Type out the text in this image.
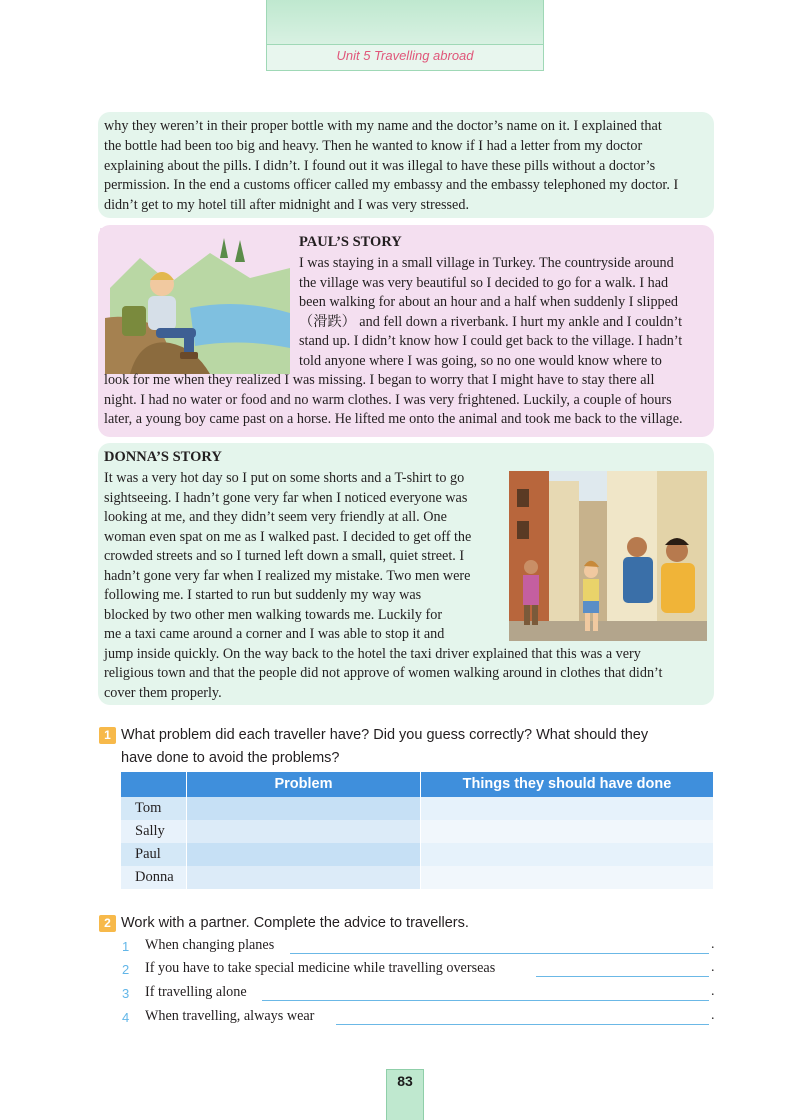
Unit 5 Travelling abroad

why they weren’t in their proper bottle with my name and the doctor’s name on it. I explained that

the bottle had been too big and heavy. Then he wanted to know if I had a letter from my doctor

explaining about the pills. I didn’t. I found out it was illegal to have these pills without a doctor’s

permission. In the end a customs officer called my embassy and the embassy telephoned my doctor. I

didn’t get to my hotel till after midnight and I was very stressed.

PAUL’S STORY

I was staying in a small village in Turkey. The countryside around

the village was very beautiful so I decided to go for a walk. I had

been walking for about an hour and a half when suddenly I slipped

（滑跌） and fell down a riverbank. I hurt my ankle and I couldn’t

stand up. I didn’t know how I could get back to the village. I hadn’t

told anyone where I was going, so no one would know where to

look for me when they realized I was missing. I began to worry that I might have to stay there all

night. I had no water or food and no warm clothes. I was very frightened. Luckily, a couple of hours

later, a young boy came past on a horse. He lifted me onto the animal and took me back to the village.

DONNA’S STORY

It was a very hot day so I put on some shorts and a T-shirt to go

sightseeing. I hadn’t gone very far when I noticed everyone was

looking at me, and they didn’t seem very friendly at all. One

woman even spat on me as I walked past. I decided to get off the

crowded streets and so I turned left down a small, quiet street. I

hadn’t gone very far when I realized my mistake. Two men were

following me. I started to run but suddenly my way was

blocked by two other men walking towards me. Luckily for

me a taxi came around a corner and I was able to stop it and

jump inside quickly. On the way back to the hotel the taxi driver explained that this was a very

religious town and that the people did not approve of women walking around in clothes that didn’t

cover them properly.

1 What problem did each traveller have? Did you guess correctly? What should they

have done to avoid the problems?

Problem	Things they should have done
Tom
Sally
Paul
Donna
2 Work with a partner. Complete the advice to travellers.

1 When changing planes	.
2 If you have to take special medicine while travelling overseas	.
3 If travelling alone	.
4 When travelling, always wear	.
83
